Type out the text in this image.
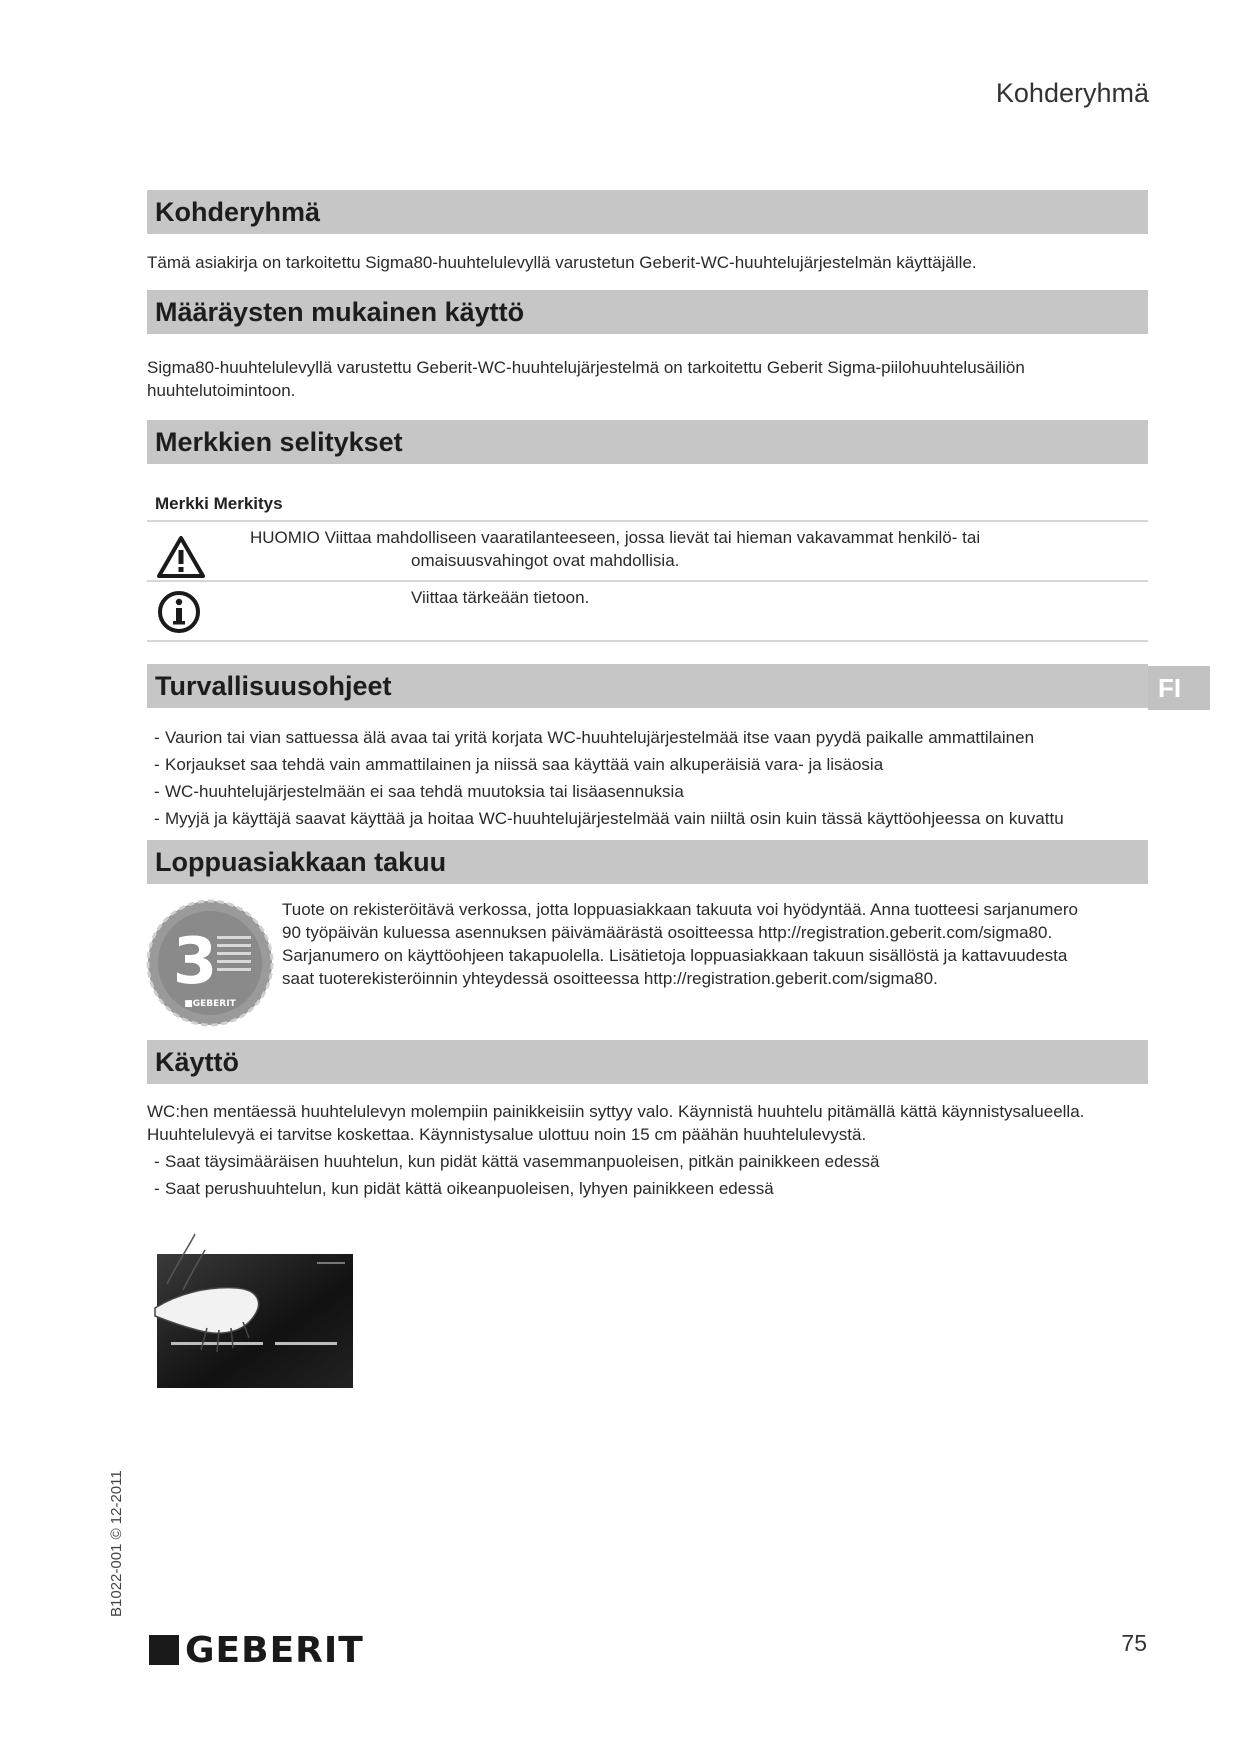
Kohderyhmä
Kohderyhmä
Tämä asiakirja on tarkoitettu Sigma80-huuhtelulevyllä varustetun Geberit-WC-huuhtelujärjestelmän käyttäjälle.
Määräysten mukainen käyttö
Sigma80-huuhtelulevyllä varustettu Geberit-WC-huuhtelujärjestelmä on tarkoitettu Geberit Sigma-piilohuuhtelusäiliön huuhtelutoimintoon.
Merkkien selitykset
Merkki Merkitys
HUOMIO Viittaa mahdolliseen vaaratilanteeseen, jossa lievät tai hieman vakavammat henkilö- tai
omaisuusvahingot ovat mahdollisia.
Viittaa tärkeään tietoon.
Turvallisuusohjeet
- Vaurion tai vian sattuessa älä avaa tai yritä korjata WC-huuhtelujärjestelmää itse vaan pyydä paikalle ammattilainen
- Korjaukset saa tehdä vain ammattilainen ja niissä saa käyttää vain alkuperäisiä vara- ja lisäosia
- WC-huuhtelujärjestelmään ei saa tehdä muutoksia tai lisäasennuksia
- Myyjä ja käyttäjä saavat käyttää ja hoitaa WC-huuhtelujärjestelmää vain niiltä osin kuin tässä käyttöohjeessa on kuvattu
Loppuasiakkaan takuu
3
■GEBERIT
Tuote on rekisteröitävä verkossa, jotta loppuasiakkaan takuuta voi hyödyntää. Anna tuotteesi sarjanumero 90 työpäivän kuluessa asennuksen päivämäärästä osoitteessa http://registration.geberit.com/sigma80. Sarjanumero on käyttöohjeen takapuolella. Lisätietoja loppuasiakkaan takuun sisällöstä ja kattavuudesta saat tuoterekisteröinnin yhteydessä osoitteessa http://registration.geberit.com/sigma80.
Käyttö
WC:hen mentäessä huuhtelulevyn molempiin painikkeisiin syttyy valo. Käynnistä huuhtelu pitämällä kättä käynnistysalueella. Huuhtelulevyä ei tarvitse koskettaa. Käynnistysalue ulottuu noin 15 cm päähän huuhtelulevystä.
- Saat täysimääräisen huuhtelun, kun pidät kättä vasemmanpuoleisen, pitkän painikkeen edessä
- Saat perushuuhtelun, kun pidät kättä oikeanpuoleisen, lyhyen painikkeen edessä
FI
B1022-001 © 12-2011
GEBERIT	75
